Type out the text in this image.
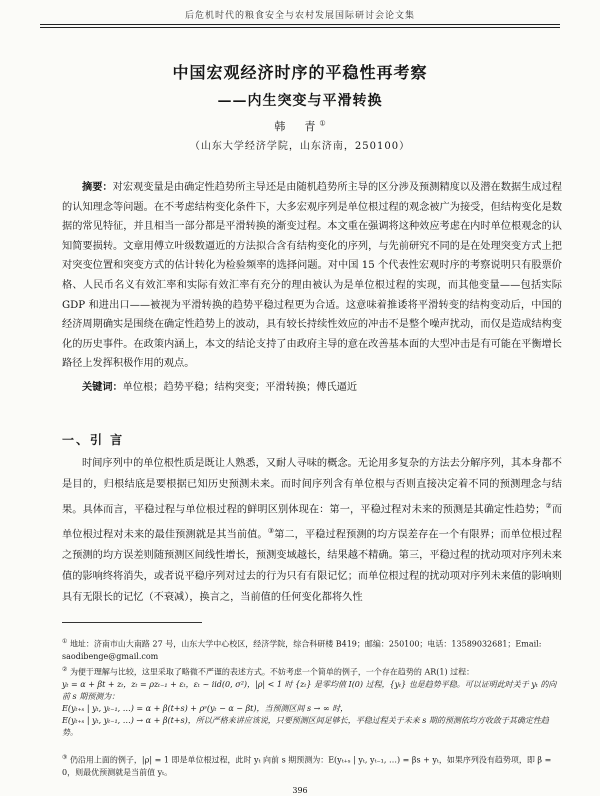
后危机时代的粮食安全与农村发展国际研讨会论文集
中国宏观经济时序的平稳性再考察
——内生突变与平滑转换
韩　青①
（山东大学经济学院，山东济南，250100）
摘要：对宏观变量是由确定性趋势所主导还是由随机趋势所主导的区分涉及预测精度以及潜在数据生成过程的认知理念等问题。在不考虑结构变化条件下，大多宏观序列是单位根过程的观念被广为接受，但结构变化是数据的常见特征，并且相当一部分都是平滑转换的渐变过程。本文重在强调将这种效应考虑在内时单位根观念的认知简要损转。文章用傅立叶级数逼近的方法拟合含有结构变化的序列，与先前研究不同的是在处理突变方式上把对突变位置和突变方式的估计转化为检验频率的选择问题。对中国 15 个代表性宏观时序的考察说明只有股票价格、人民币名义有效汇率和实际有效汇率有充分的理由被认为是单位根过程的实现，而其他变量——包括实际 GDP 和进出口——被视为平滑转换的趋势平稳过程更为合适。这意味着推诿将平滑转变的结构变动后，中国的经济周期确实是围绕在确定性趋势上的波动，具有较长持续性效应的冲击不是整个噪声扰动，而仅是造成结构变化的历史事件。在政策内涵上，本文的结论支持了由政府主导的意在改善基本面的大型冲击是有可能在平衡增长路径上发挥积极作用的观点。
关键词：单位根；趋势平稳；结构突变；平滑转换；傅氏逼近
一、引 言
时间序列中的单位根性质是既让人熟悉，又耐人寻味的概念。无论用多复杂的方法去分解序列，其本身都不是目的，归根结底是要根据已知历史预测未来。而时间序列含有单位根与否则直接决定着不同的预测理念与结果。具体而言，平稳过程与单位根过程的鲜明区别体现在：第一，平稳过程对未来的预测是其确定性趋势；②而单位根过程对未来的最佳预测就是其当前值。③第二，平稳过程预测的均方误差存在一个有限界；而单位根过程之预测的均方误差则随预测区间线性增长，预测变域越长，结果越不精确。第三，平稳过程的扰动项对序列未来值的影响终将消失，或者说平稳序列对过去的行为只有有限记忆；而单位根过程的扰动项对序列未来值的影响则具有无限长的记忆（不衰减），换言之，当前值的任何变化都将久性
① 地址：济南市山大南路 27 号，山东大学中心校区，经济学院，综合科研楼 B419；邮编：250100；电话：13589032681；Email: saodibenge@gmail.com
② 为便于理解与比较，这里采取了略微不严谨的表述方式。不妨考虑一个简单的例子，一个存在趋势的 AR(1) 过程：
yₜ = α + βt + zₜ，zₜ = ρzₜ₋₁ + εₜ，εₜ ~ iid(0, σ²)，|ρ| < 1 时 {zₜ} 是零均值 I(0) 过程，{yₜ} 也是趋势平稳。可以证明此时关于 yₜ 的向前 s 期预测为：
E(yₜ₊ₛ | yₜ, yₜ₋₁, …) = α + β(t+s) + ρˢ(yₜ − α − βt)，当预测区间 s → ∞ 时，
E(yₜ₊ₛ | yₜ, yₜ₋₁, …) → α + β(t+s)，所以严格来讲应该说，只要预测区间足够长，平稳过程关于未来 s 期的预测依均方收敛于其确定性趋势。
③ 仍沿用上面的例子，|ρ| = 1 即是单位根过程，此时 yₜ 向前 s 期预测为：E(yₜ₊ₛ | yₜ, yₜ₋₁, …) = βs + yₜ，如果序列没有趋势项，即 β = 0，则最优预测就是当前值 yₜ。
396
